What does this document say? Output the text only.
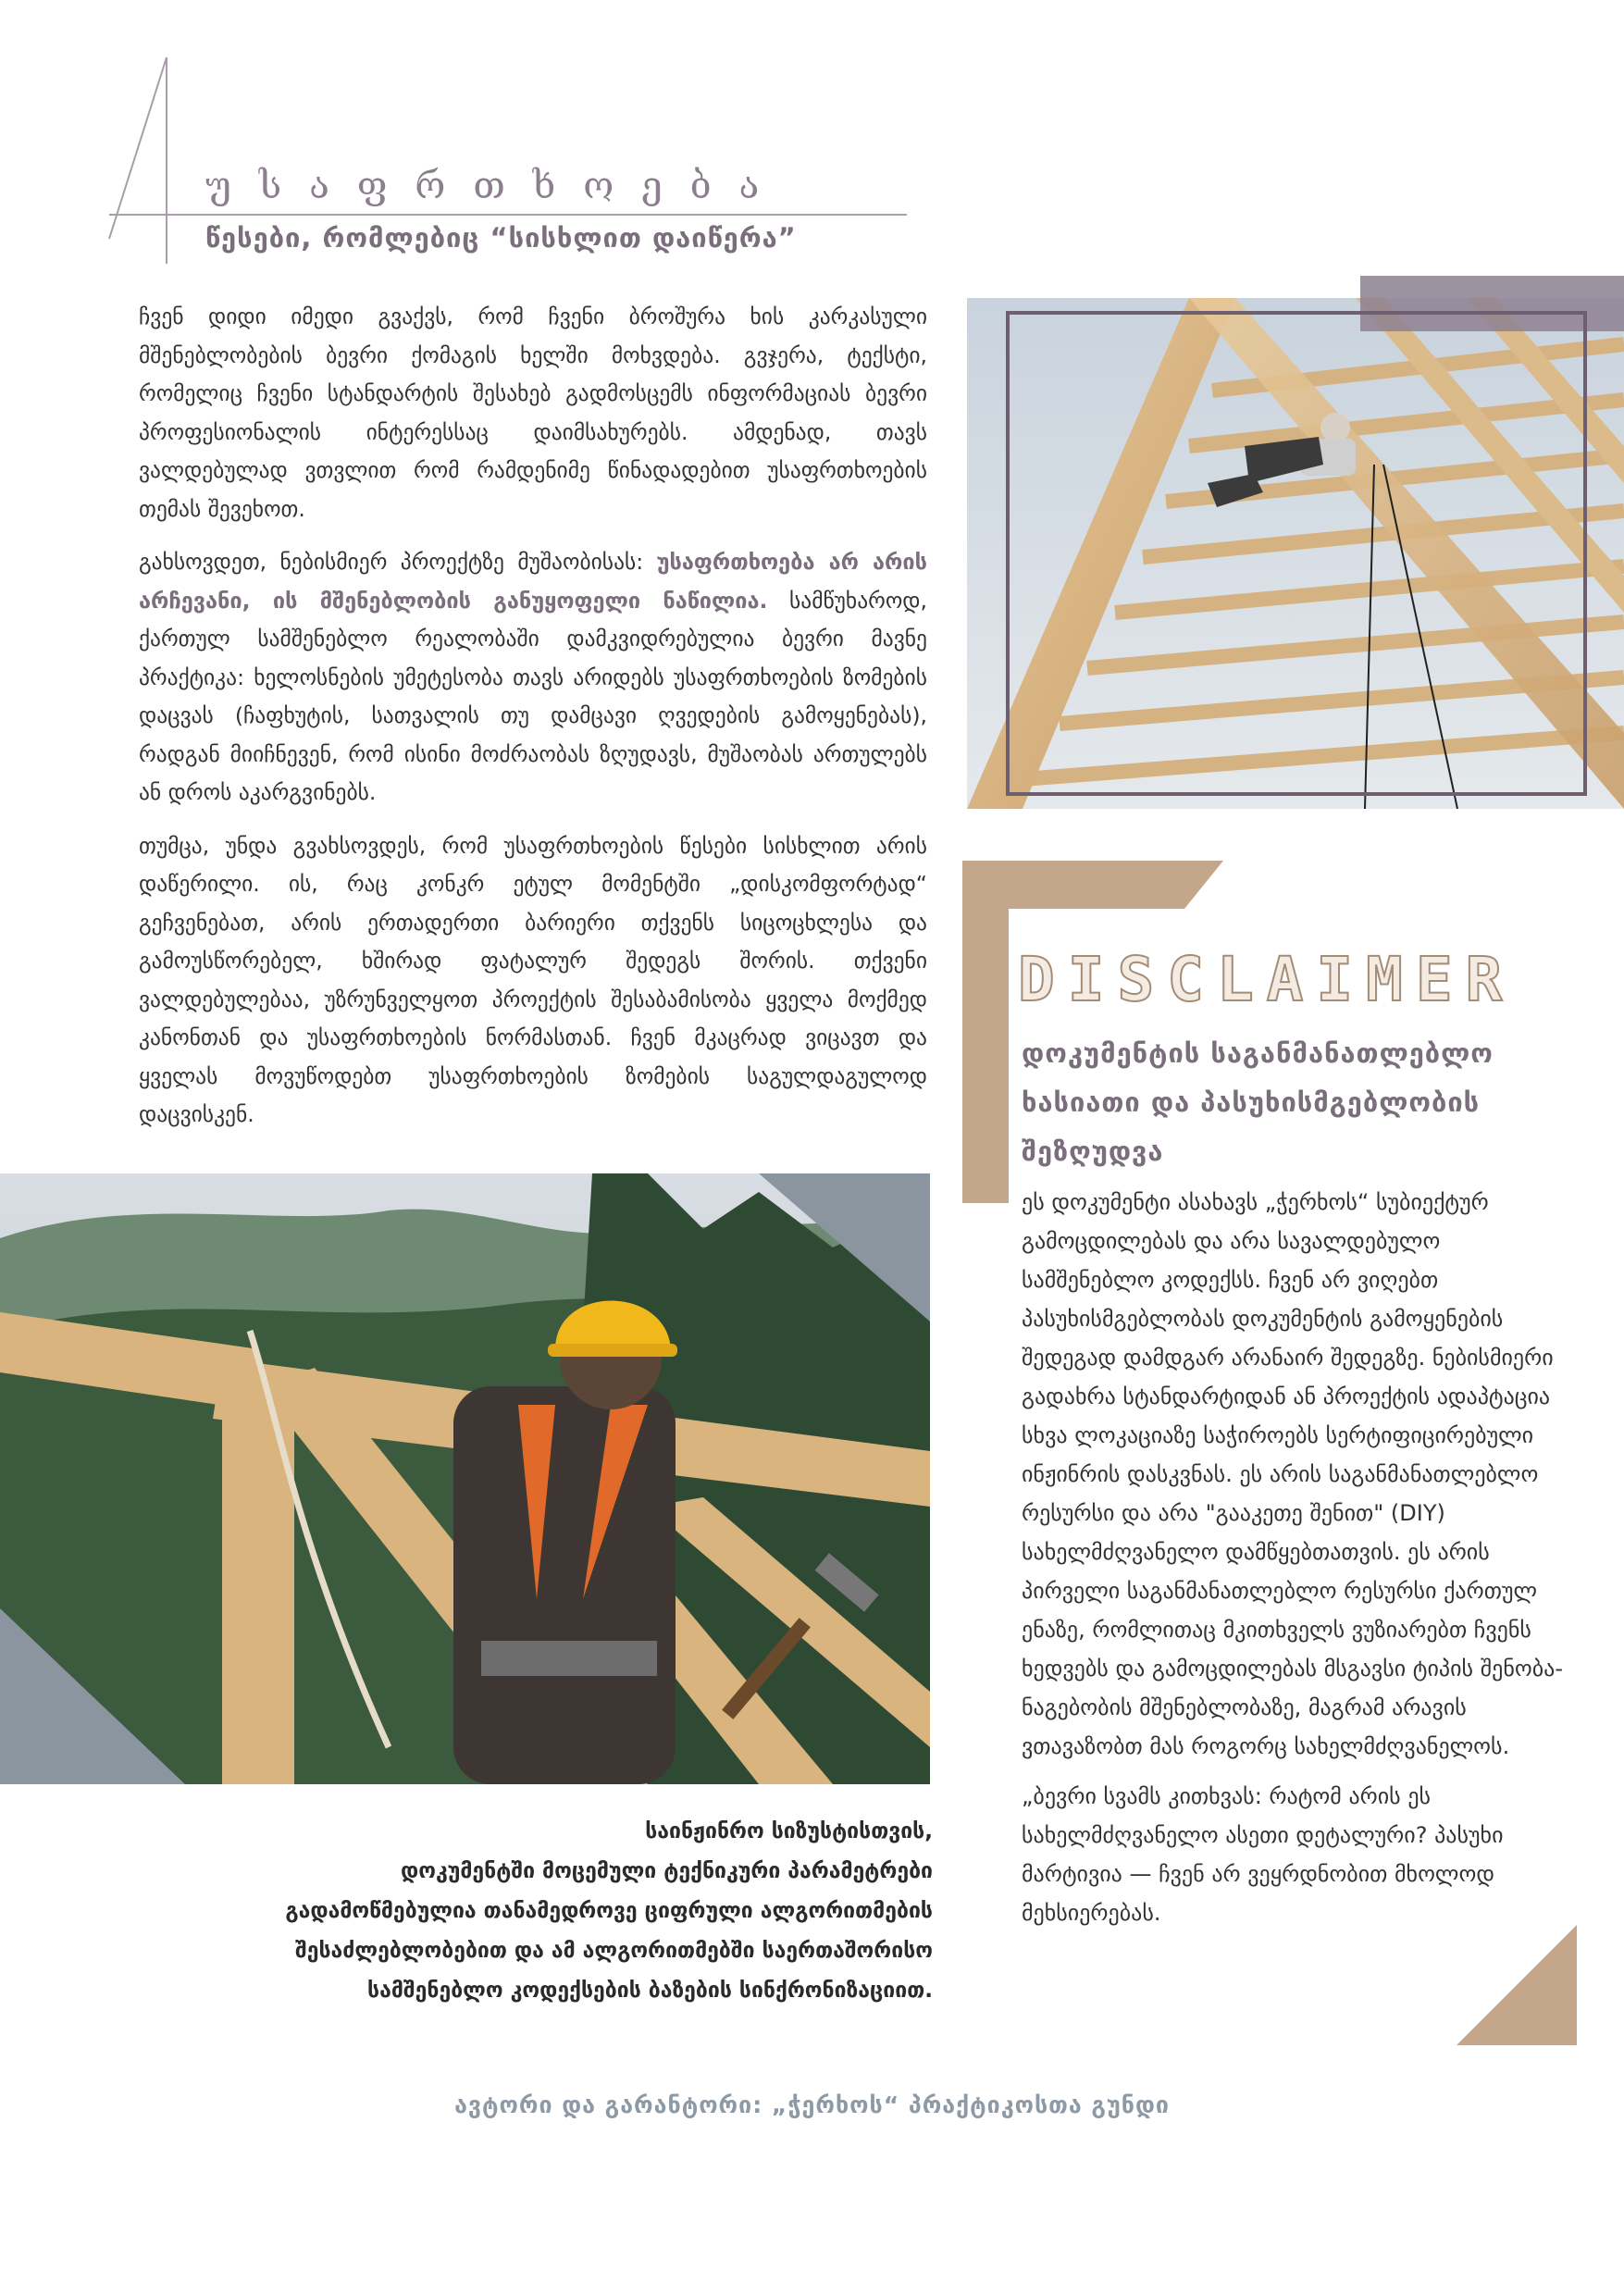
უსაფრთხოება
წესები, რომლებიც “სისხლით დაიწერა”

ჩვენ დიდი იმედი გვაქვს, რომ ჩვენი ბროშურა ხის კარკასული მშენებლობების ბევრი ქომაგის ხელში მოხვდება. გვჯერა, ტექსტი, რომელიც ჩვენი სტანდარტის შესახებ გადმოსცემს ინფორმაციას ბევრი პროფესიონალის ინტერესსაც დაიმსახურებს. ამდენად, თავს ვალდებულად ვთვლით რომ რამდენიმე წინადადებით უსაფრთხოების თემას შევეხოთ.

გახსოვდეთ, ნებისმიერ პროექტზე მუშაობისას: უსაფრთხოება არ არის არჩევანი, ის მშენებლობის განუყოფელი ნაწილია. სამწუხაროდ, ქართულ სამშენებლო რეალობაში დამკვიდრებულია ბევრი მავნე პრაქტიკა: ხელოსნების უმეტესობა თავს არიდებს უსაფრთხოების ზომების დაცვას (ჩაფხუტის, სათვალის თუ დამცავი ღვედების გამოყენებას), რადგან მიიჩნევენ, რომ ისინი მოძრაობას ზღუდავს, მუშაობას ართულებს ან დროს აკარგვინებს.

თუმცა, უნდა გვახსოვდეს, რომ უსაფრთხოების წესები სისხლით არის დაწერილი. ის, რაც კონკრ ეტულ მომენტში „დისკომფორტად“ გეჩვენებათ, არის ერთადერთი ბარიერი თქვენს სიცოცხლესა და გამოუსწორებელ, ხშირად ფატალურ შედეგს შორის. თქვენი ვალდებულებაა, უზრუნველყოთ პროექტის შესაბამისობა ყველა მოქმედ კანონთან და უსაფრთხოების ნორმასთან. ჩვენ მკაცრად ვიცავთ და ყველას მოვუწოდებთ უსაფრთხოების ზომების საგულდაგულოდ დაცვისკენ.

DISCLAIMER
დოკუმენტის საგანმანათლებლო ხასიათი და პასუხისმგებლობის შეზღუდვა

ეს დოკუმენტი ასახავს „ჭერხოს“ სუბიექტურ გამოცდილებას და არა სავალდებულო სამშენებლო კოდექსს. ჩვენ არ ვიღებთ პასუხისმგებლობას დოკუმენტის გამოყენების შედეგად დამდგარ არანაირ შედეგზე. ნებისმიერი გადახრა სტანდარტიდან ან პროექტის ადაპტაცია სხვა ლოკაციაზე საჭიროებს სერტიფიცირებული ინჟინრის დასკვნას. ეს არის საგანმანათლებლო რესურსი და არა "გააკეთე შენით" (DIY) სახელმძღვანელო დამწყებთათვის. ეს არის პირველი საგანმანათლებლო რესურსი ქართულ ენაზე, რომლითაც მკითხველს ვუზიარებთ ჩვენს ხედვებს და გამოცდილებას მსგავსი ტიპის შენობა-ნაგებობის მშენებლობაზე, მაგრამ არავის ვთავაზობთ მას როგორც სახელმძღვანელოს.

„ბევრი სვამს კითხვას: რატომ არის ეს სახელმძღვანელო ასეთი დეტალური? პასუხი მარტივია — ჩვენ არ ვეყრდნობით მხოლოდ მეხსიერებას.

საინჟინრო სიზუსტისთვის,
დოკუმენტში მოცემული ტექნიკური პარამეტრები
გადამოწმებულია თანამედროვე ციფრული ალგორითმების
შესაძლებლობებით და ამ ალგორითმებში საერთაშორისო
სამშენებლო კოდექსების ბაზების სინქრონიზაციით.
ავტორი და გარანტორი: „ჭერხოს“ პრაქტიკოსთა გუნდი
